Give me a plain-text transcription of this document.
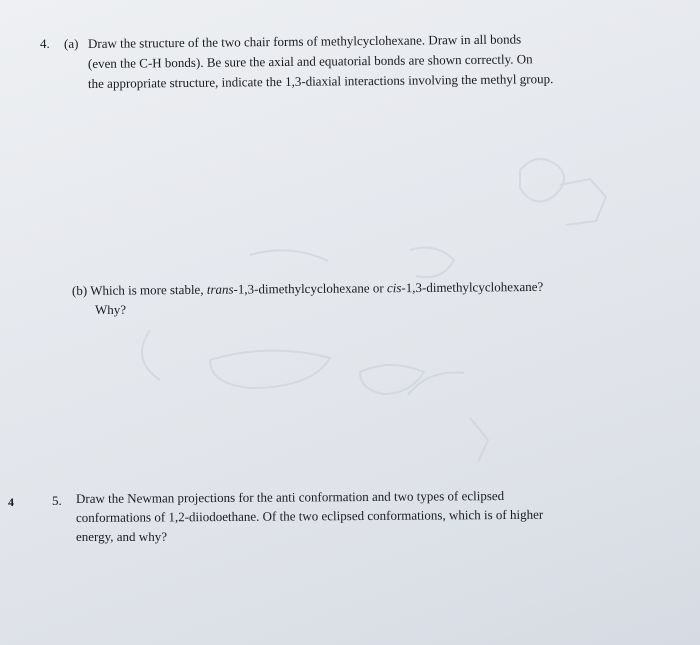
4. (a) Draw the structure of the two chair forms of methylcyclohexane. Draw in all bonds
(even the C-H bonds). Be sure the axial and equatorial bonds are shown correctly. On
the appropriate structure, indicate the 1,3-diaxial interactions involving the methyl group.
(b) Which is more stable, trans-1,3-dimethylcyclohexane or cis-1,3-dimethylcyclohexane?
Why?
4	5. Draw the Newman projections for the anti conformation and two types of eclipsed
conformations of 1,2-diiodoethane. Of the two eclipsed conformations, which is of higher
energy, and why?
